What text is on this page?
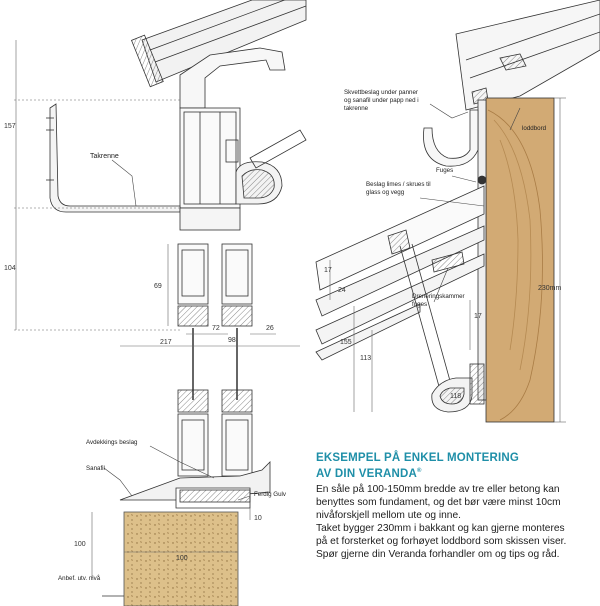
Takrenne
Avdekkings beslag
Sanafil
Ferdig Gulv
Anbef. utv. nivå
157
104
69
72
98
26
217
10
100
100
Skvettbeslag under panner
og sanafil under papp ned i
takrenne
loddbord
Fuges
Beslag limes / skrues til
glass og vegg
Dreneringskammer
fuges
230mm
17
24
17
155
113
118

EKSEMPEL PÅ ENKEL MONTERING
AV DIN VERANDA®

En såle på 100-150mm bredde av tre eller betong kan

benyttes som fundament, og det bør være minst 10cm

nivåforskjell mellom ute og inne.

Taket bygger 230mm i bakkant og kan gjerne monteres

på et forsterket og forhøyet loddbord som skissen viser.

Spør gjerne din Veranda forhandler om og tips og råd.
